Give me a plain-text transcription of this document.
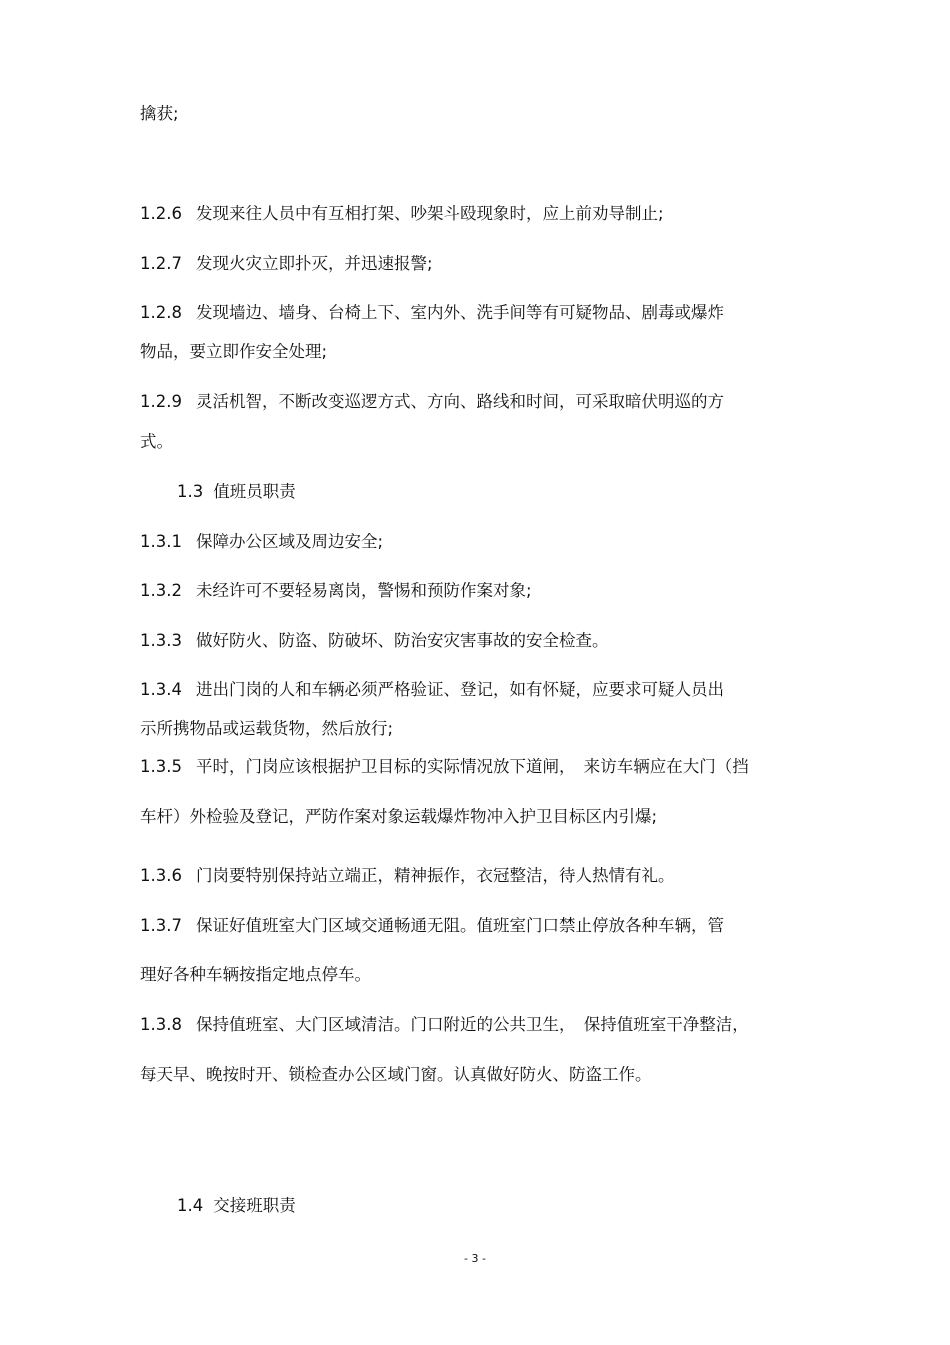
擒获;
1.2.6 发现来往人员中有互相打架、吵架斗殴现象时，应上前劝导制止;
1.2.7 发现火灾立即扑灭，并迅速报警;
1.2.8 发现墙边、墙身、台椅上下、室内外、洗手间等有可疑物品、剧毒或爆炸
物品，要立即作安全处理;
1.2.9 灵活机智，不断改变巡逻方式、方向、路线和时间，可采取暗伏明巡的方
式。
1.3 值班员职责
1.3.1 保障办公区域及周边安全;
1.3.2 未经许可不要轻易离岗，警惕和预防作案对象;
1.3.3 做好防火、防盗、防破坏、防治安灾害事故的安全检查。
1.3.4 进出门岗的人和车辆必须严格验证、登记，如有怀疑，应要求可疑人员出
示所携物品或运载货物，然后放行;
1.3.5 平时，门岗应该根据护卫目标的实际情况放下道闸，　来访车辆应在大门（挡
车杆）外检验及登记，严防作案对象运载爆炸物冲入护卫目标区内引爆;
1.3.6 门岗要特别保持站立端正，精神振作，衣冠整洁，待人热情有礼。
1.3.7 保证好值班室大门区域交通畅通无阻。值班室门口禁止停放各种车辆，管
理好各种车辆按指定地点停车。
1.3.8 保持值班室、大门区域清洁。门口附近的公共卫生，　保持值班室干净整洁，
每天早、晚按时开、锁检查办公区域门窗。认真做好防火、防盗工作。
1.4 交接班职责
- 3 -
